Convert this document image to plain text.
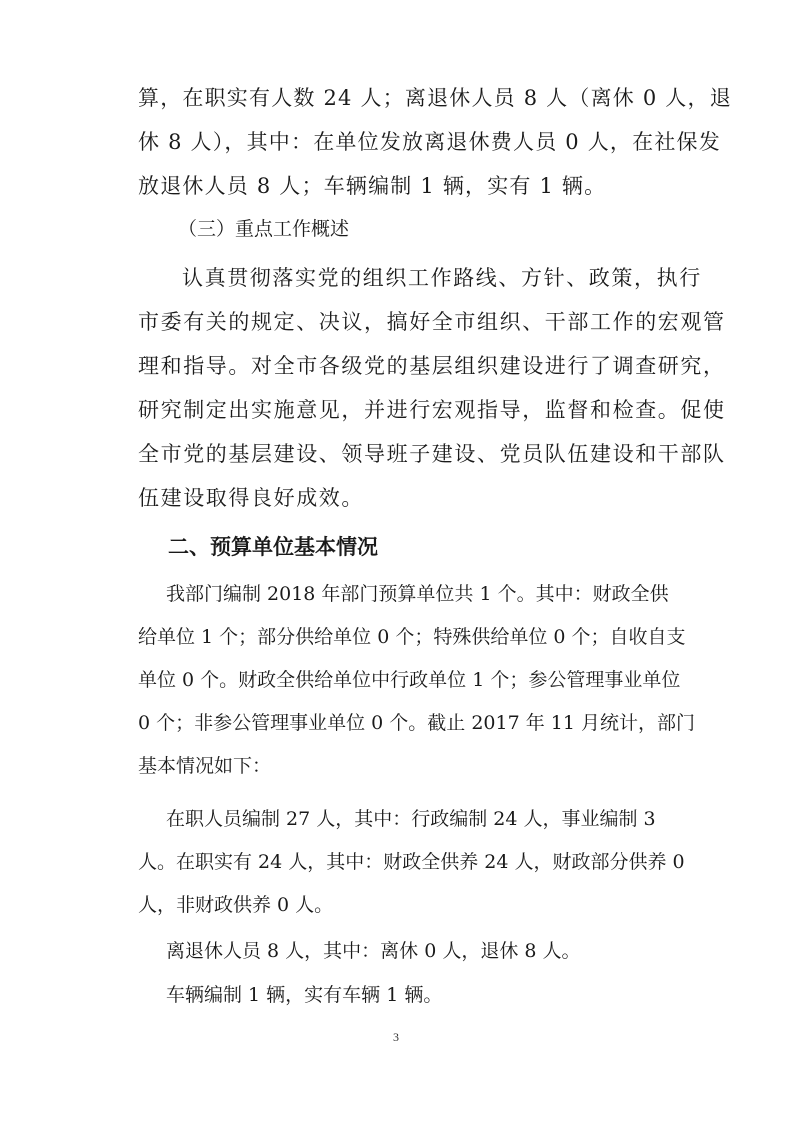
算，在职实有人数 24 人；离退休人员 8 人（离休 0 人，退

休 8 人），其中：在单位发放离退休费人员 0 人，在社保发

放退休人员 8 人；车辆编制 1 辆，实有 1 辆。

（三）重点工作概述

认真贯彻落实党的组织工作路线、方针、政策，执行

市委有关的规定、决议，搞好全市组织、干部工作的宏观管

理和指导。对全市各级党的基层组织建设进行了调查研究，

研究制定出实施意见，并进行宏观指导，监督和检查。促使

全市党的基层建设、领导班子建设、党员队伍建设和干部队

伍建设取得良好成效。

二、预算单位基本情况

我部门编制 2018 年部门预算单位共 1 个。其中：财政全供

给单位 1 个；部分供给单位 0 个；特殊供给单位 0 个；自收自支

单位 0 个。财政全供给单位中行政单位 1 个；参公管理事业单位

0 个；非参公管理事业单位 0 个。截止 2017 年 11 月统计，部门

基本情况如下：

在职人员编制 27 人，其中：行政编制 24 人，事业编制 3

人。在职实有 24 人，其中：财政全供养 24 人，财政部分供养 0

人，非财政供养 0 人。

离退休人员 8 人，其中：离休 0 人，退休 8 人。

车辆编制 1 辆，实有车辆 1 辆。

3
